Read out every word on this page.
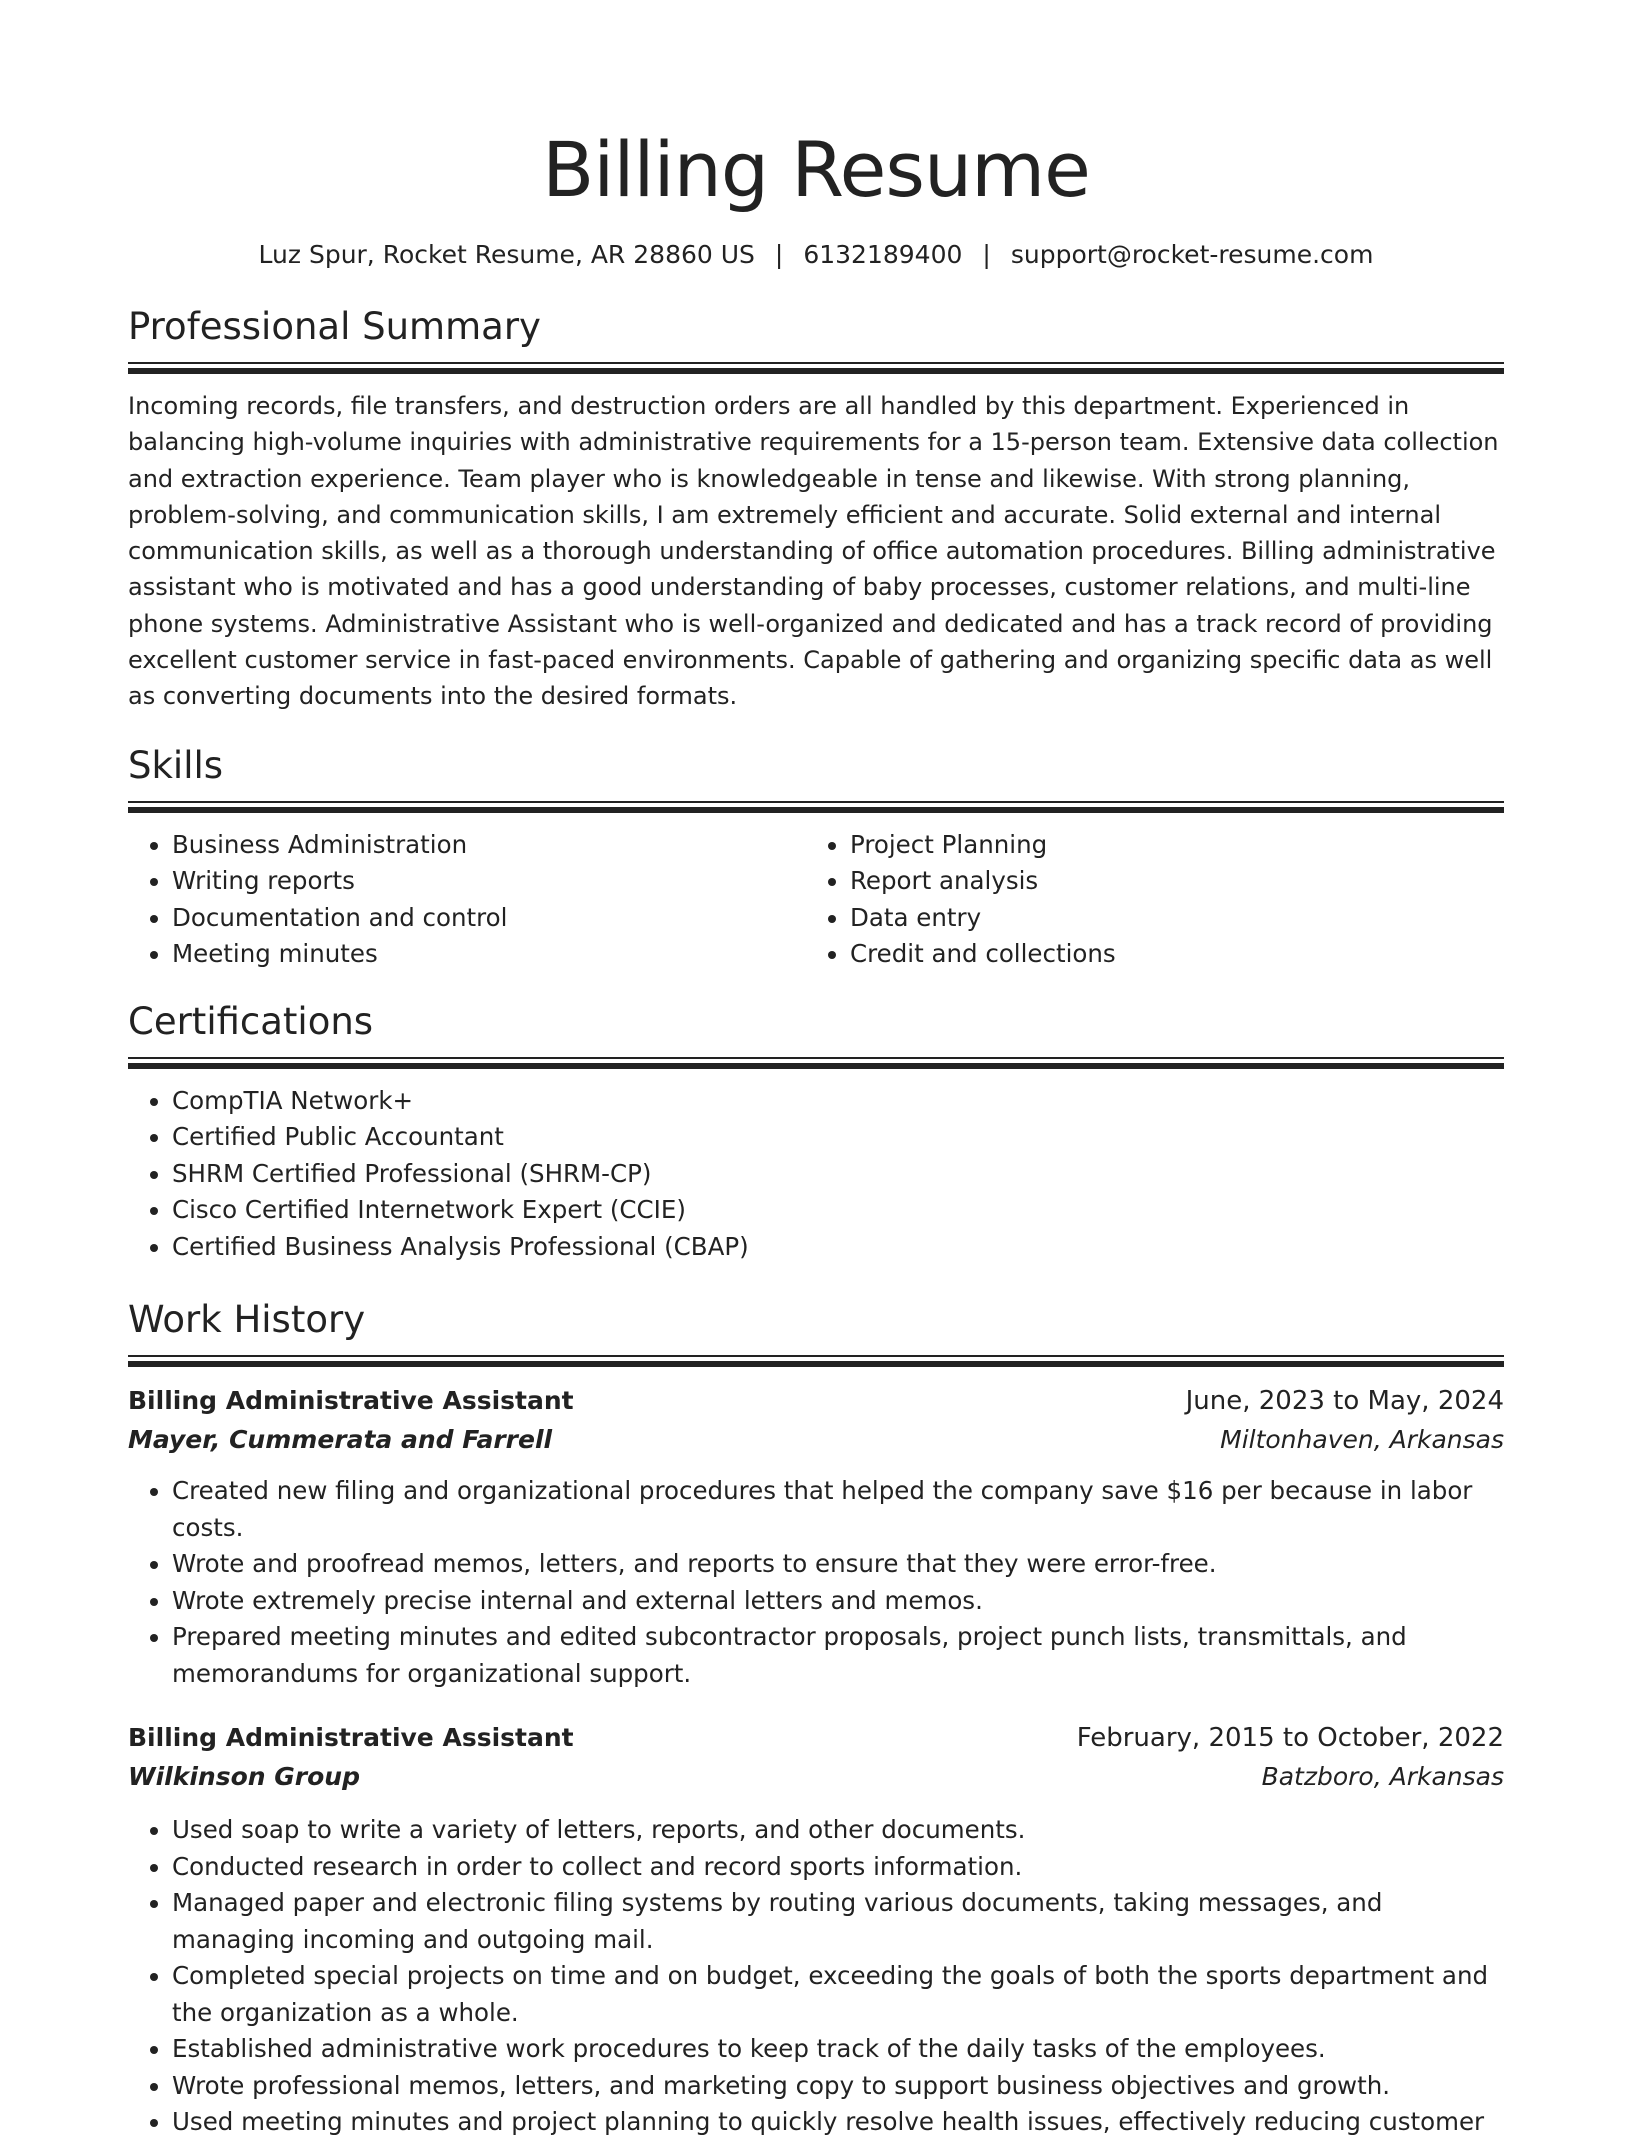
Billing Resume
Luz Spur, Rocket Resume, AR 28860 US | 6132189400 | support@rocket-resume.com
Professional Summary

Incoming records, file transfers, and destruction orders are all handled by this department. Experienced in balancing high-volume inquiries with administrative requirements for a 15-person team. Extensive data collection and extraction experience. Team player who is knowledgeable in tense and likewise. With strong planning, problem-solving, and communication skills, I am extremely efficient and accurate. Solid external and internal communication skills, as well as a thorough understanding of office automation procedures. Billing administrative assistant who is motivated and has a good understanding of baby processes, customer relations, and multi-line phone systems. Administrative Assistant who is well-organized and dedicated and has a track record of providing excellent customer service in fast-paced environments. Capable of gathering and organizing specific data as well as converting documents into the desired formats.

Skills
• Business Administration
• Writing reports
• Documentation and control
• Meeting minutes
• Project Planning
• Report analysis
• Data entry
• Credit and collections
Certifications
• CompTIA Network+
• Certified Public Accountant
• SHRM Certified Professional (SHRM-CP)
• Cisco Certified Internetwork Expert (CCIE)
• Certified Business Analysis Professional (CBAP)
Work History
Billing Administrative Assistant	June, 2023 to May, 2024
Mayer, Cummerata and Farrell	Miltonhaven, Arkansas
• Created new filing and organizational procedures that helped the company save $16 per because in labor costs.
• Wrote and proofread memos, letters, and reports to ensure that they were error-free.
• Wrote extremely precise internal and external letters and memos.
• Prepared meeting minutes and edited subcontractor proposals, project punch lists, transmittals, and memorandums for organizational support.
Billing Administrative Assistant	February, 2015 to October, 2022
Wilkinson Group	Batzboro, Arkansas
• Used soap to write a variety of letters, reports, and other documents.
• Conducted research in order to collect and record sports information.
• Managed paper and electronic filing systems by routing various documents, taking messages, and managing incoming and outgoing mail.
• Completed special projects on time and on budget, exceeding the goals of both the sports department and the organization as a whole.
• Established administrative work procedures to keep track of the daily tasks of the employees.
• Wrote professional memos, letters, and marketing copy to support business objectives and growth.
• Used meeting minutes and project planning to quickly resolve health issues, effectively reducing customer
